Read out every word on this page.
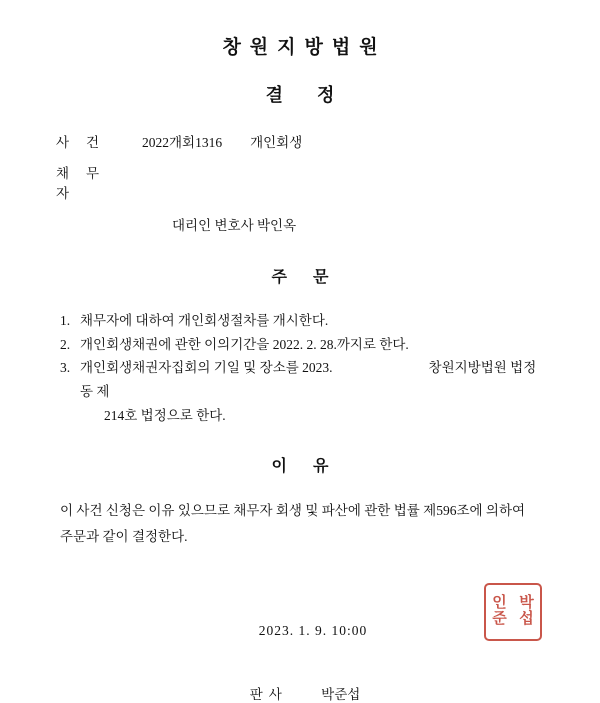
창원지방법원
결정
사건	2022개회1316 개인회생
채무자
대리인 변호사 박인옥
주문
1. 채무자에 대하여 개인회생절차를 개시한다.
2. 개인회생채권에 관한 이의기간을 2022. 2. 28.까지로 한다.
3. 개인회생채권자집회의 기일 및 장소를 2023.	창원지방법원 법정동 제
214호 법정으로 한다.
이유
이 사건 신청은 이유 있으므로 채무자 회생 및 파산에 관한 법률 제596조에 의하여
주문과 같이 결정한다.
2023. 1. 9. 10:00
판사 박준섭
인 박
준 섭
